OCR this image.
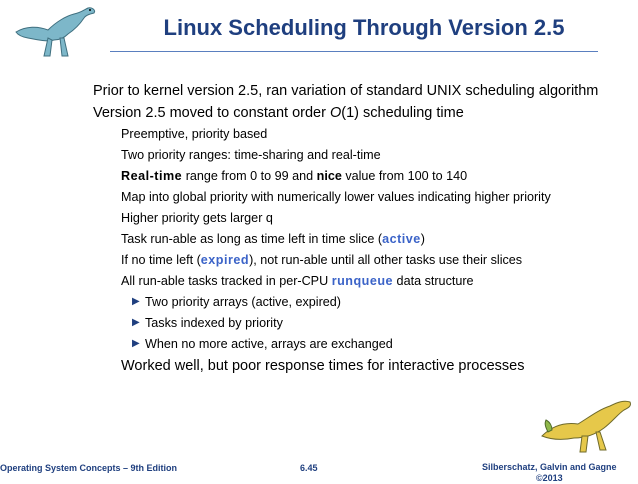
Linux Scheduling Through Version 2.5
Prior to kernel version 2.5, ran variation of standard UNIX scheduling algorithm
Version 2.5 moved to constant order O(1) scheduling time
Preemptive, priority based
Two priority ranges: time-sharing and real-time
Real-time range from 0 to 99 and nice value from 100 to 140
Map into global priority with numerically lower values indicating higher priority
Higher priority gets larger q
Task run-able as long as time left in time slice (active)
If no time left (expired), not run-able until all other tasks use their slices
All run-able tasks tracked in per-CPU runqueue data structure
▶ Two priority arrays (active, expired)
▶ Tasks indexed by priority
▶ When no more active, arrays are exchanged
Worked well, but poor response times for interactive processes
Operating System Concepts – 9th Edition	6.45	Silberschatz, Galvin and Gagne
©2013
